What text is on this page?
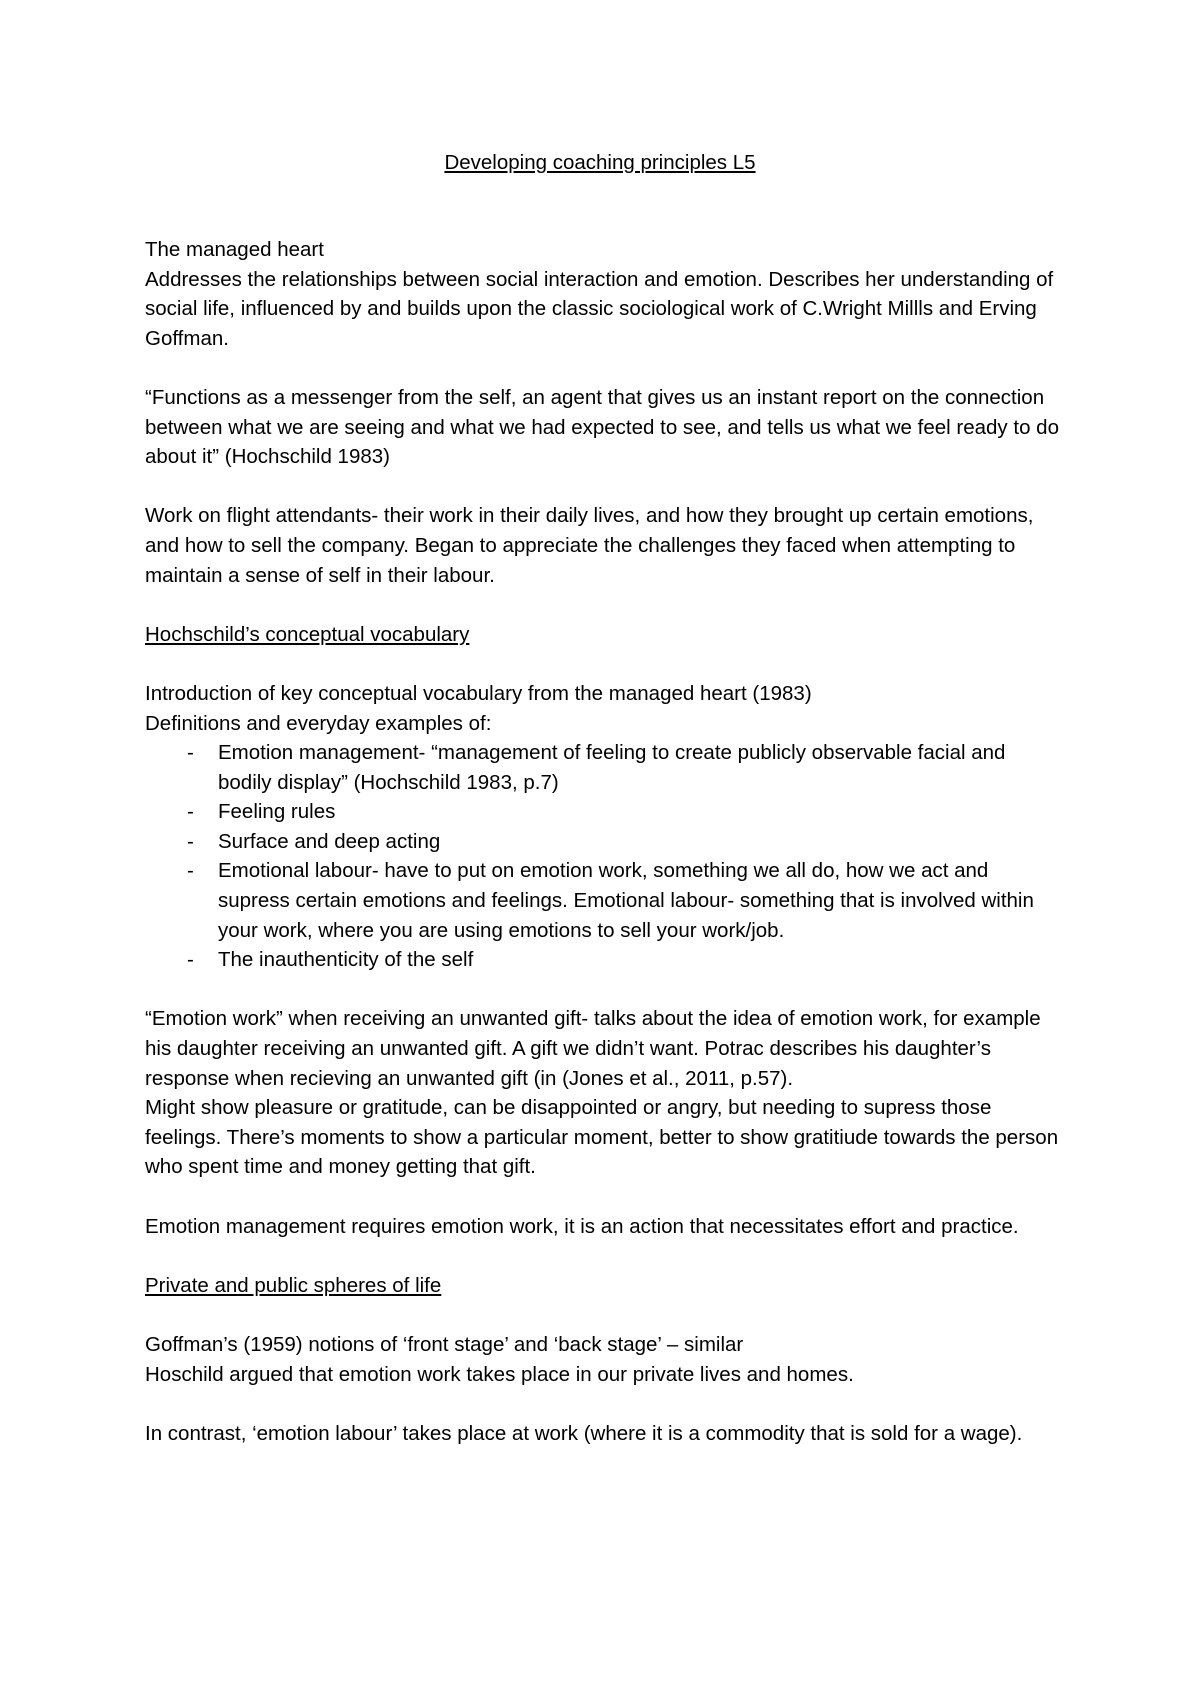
Developing coaching principles L5

The managed heart

Addresses the relationships between social interaction and emotion. Describes her understanding of social life, influenced by and builds upon the classic sociological work of C.Wright Millls and Erving Goffman.

“Functions as a messenger from the self, an agent that gives us an instant report on the connection between what we are seeing and what we had expected to see, and tells us what we feel ready to do about it” (Hochschild 1983)

Work on flight attendants- their work in their daily lives, and how they brought up certain emotions, and how to sell the company. Began to appreciate the challenges they faced when attempting to maintain a sense of self in their labour.

Hochschild’s conceptual vocabulary

Introduction of key conceptual vocabulary from the managed heart (1983)

Definitions and everyday examples of:

- Emotion management- “management of feeling to create publicly observable facial and bodily display” (Hochschild 1983, p.7)
- Feeling rules
- Surface and deep acting
- Emotional labour- have to put on emotion work, something we all do, how we act and supress certain emotions and feelings. Emotional labour- something that is involved within your work, where you are using emotions to sell your work/job.
- The inauthenticity of the self

“Emotion work” when receiving an unwanted gift- talks about the idea of emotion work, for example his daughter receiving an unwanted gift. A gift we didn’t want. Potrac describes his daughter’s response when recieving an unwanted gift (in (Jones et al., 2011, p.57).

Might show pleasure or gratitude, can be disappointed or angry, but needing to supress those feelings. There’s moments to show a particular moment, better to show gratitiude towards the person who spent time and money getting that gift.

Emotion management requires emotion work, it is an action that necessitates effort and practice.

Private and public spheres of life

Goffman’s (1959) notions of ‘front stage’ and ‘back stage’ – similar

Hoschild argued that emotion work takes place in our private lives and homes.

In contrast, ‘emotion labour’ takes place at work (where it is a commodity that is sold for a wage).
